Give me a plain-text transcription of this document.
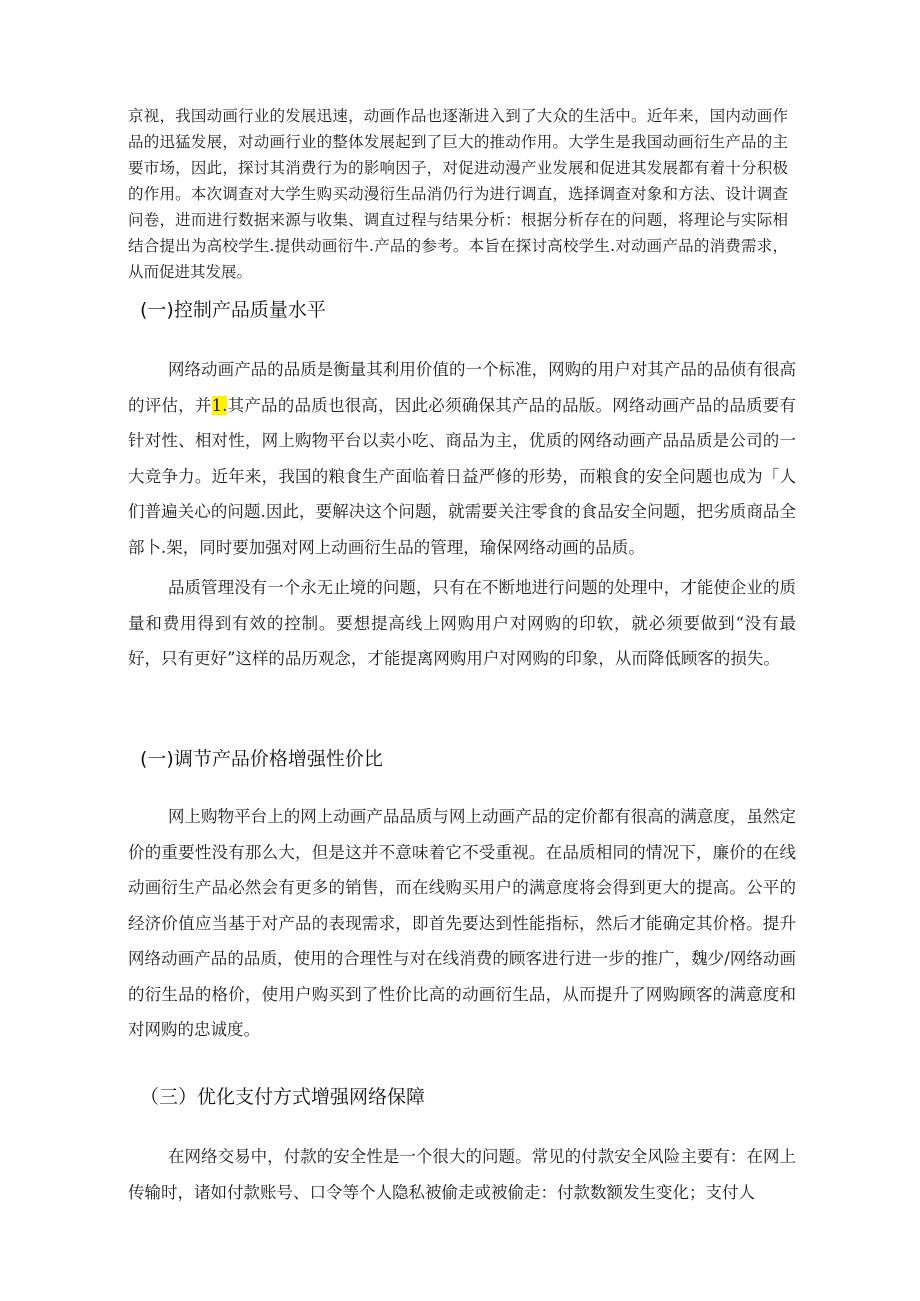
京视，我国动画行业的发展迅速，动画作品也逐渐进入到了大众的生活中。近年来，国内动画作品的迅猛发展，对动画行业的整体发展起到了巨大的推动作用。大学生是我国动画衍生产品的主要市场，因此，探讨其消费行为的影响因子，对促进动漫产业发展和促进其发展都有着十分积极的作用。本次调查对大学生购买动漫衍生品消仍行为进行调直，选择调查对象和方法、设计调查问卷，进而进行数据来源与收集、调直过程与结果分析：根据分析存在的问题，将理论与实际相结合提出为高校学生.提供动画衍牛.产品的参考。本旨在探讨高校学生.对动画产品的消费需求，从而促进其发展。

(一)控制产品质量水平

网络动画产品的品质是衡量其利用价值的一个标准，网购的用户对其产品的品侦有很高的评估，并1.其产品的品质也很高，因此必须确保其产品的品版。网络动画产品的品质要有针对性、相对性，网上购物平台以卖小吃、商品为主，优质的网络动画产品品质是公司的一大竞争力。近年来，我国的粮食生产面临着日益严修的形势，而粮食的安全问题也成为「人们普遍关心的问题.因此，要解决这个问题，就需要关注零食的食品安全问题，把劣质商品全部卜.架，同时要加强对网上动画衍生品的管理，瑜保网络动画的品质。

品质管理没有一个永无止境的问题，只有在不断地进行问题的处理中，才能使企业的质量和费用得到有效的控制。要想提高线上网购用户对网购的印软，就必须要做到“没有最好，只有更好”这样的品历观念，才能提离网购用户对网购的印象，从而降低顾客的损失。

(一)调节产品价格增强性价比

网上购物平台上的网上动画产品品质与网上动画产品的定价都有很高的满意度，虽然定价的重要性没有那么大，但是这并不意味着它不受重视。在品质相同的情况下，廉价的在线动画衍生产品必然会有更多的销售，而在线购买用户的满意度将会得到更大的提高。公平的经济价值应当基于对产品的表现需求，即首先要达到性能指标，然后才能确定其价格。提升网络动画产品的品质，使用的合理性与对在线消费的顾客进行进一步的推广，魏少/网络动画的衍生品的格价，使用户购买到了性价比高的动画衍生品，从而提升了网购顾客的满意度和对网购的忠诚度。

（三）优化支付方式增强网络保障

在网络交易中，付款的安全性是一个很大的问题。常见的付款安全风险主要有：在网上传输时，诸如付款账号、口令等个人隐私被偷走或被偷走：付款数额发生变化；支付人
